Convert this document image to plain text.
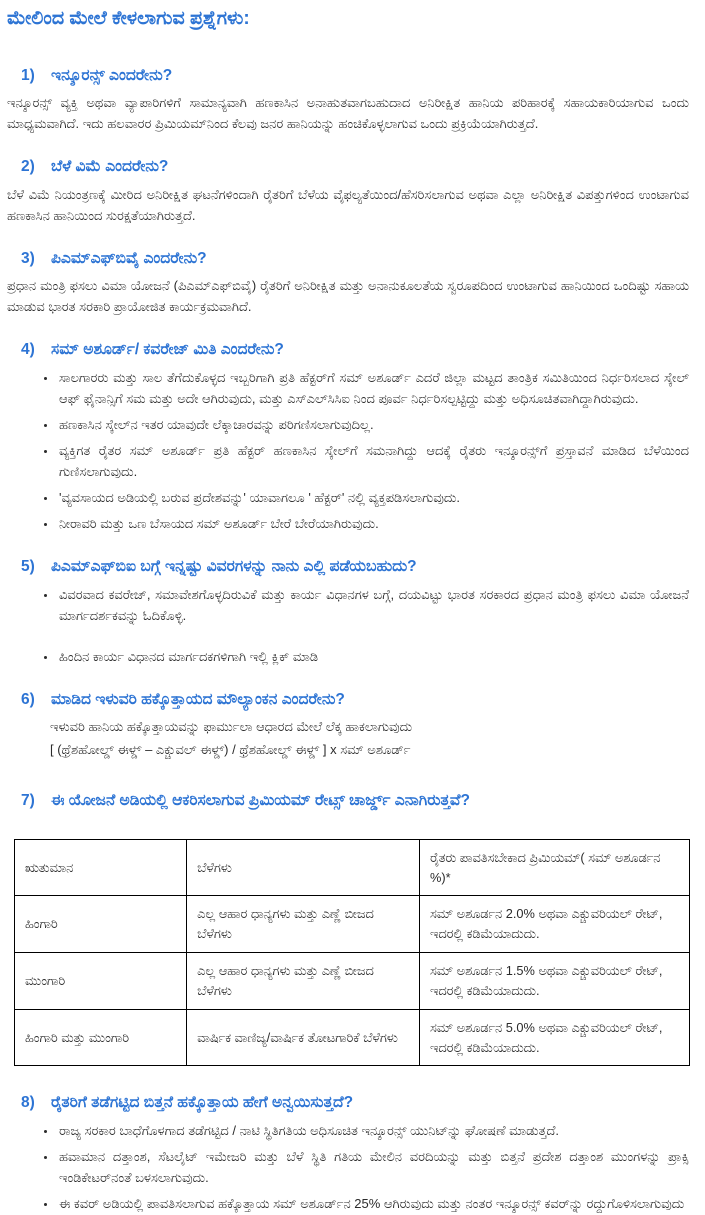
ಮೇಲಿಂದ ಮೇಲೆ ಕೇಳಲಾಗುವ ಪ್ರಶ್ನೆಗಳು:
1)	ಇನ್ಶೂರನ್ಸ್ ಎಂದರೇನು?

ಇನ್ಶೂರನ್ಸ್ ವ್ಯಕ್ತಿ ಅಥವಾ ವ್ಯಾಪಾರಿಗಳಿಗೆ ಸಾಮಾನ್ಯವಾಗಿ ಹಣಕಾಸಿನ ಅನಾಹುತವಾಗಬಹುದಾದ ಅನಿರೀಕ್ಷಿತ ಹಾನಿಯ ಪರಿಹಾರಕ್ಕೆ ಸಹಾಯಕಾರಿಯಾಗುವ ಒಂದು ಮಾಧ್ಯಮವಾಗಿದೆ. ಇದು ಹಲವಾರರ ಪ್ರಿಮಿಯಮ್‌ನಿಂದ ಕೆಲವು ಜನರ ಹಾನಿಯನ್ನು ಹಂಚಿಕೊಳ್ಳಲಾಗುವ ಒಂದು ಪ್ರಕ್ರಿಯೆಯಾಗಿರುತ್ತದೆ.

2)	ಬೆಳೆ ವಿಮೆ ಎಂದರೇನು?

ಬೆಳೆ ವಿಮೆ ನಿಯಂತ್ರಣಕ್ಕೆ ಮೀರಿದ ಅನಿರೀಕ್ಷಿತ ಘಟನೆಗಳಿಂದಾಗಿ ರೈತರಿಗೆ ಬೆಳೆಯ ವೈಫಲ್ಯತೆಯಿಂದ/ಹೆಸರಿಸಲಾಗುವ ಅಥವಾ ಎಲ್ಲಾ ಅನಿರೀಕ್ಷಿತ ವಿಪತ್ತುಗಳಿಂದ ಉಂಟಾಗುವ ಹಣಕಾಸಿನ ಹಾನಿಯಿಂದ ಸುರಕ್ಷತೆಯಾಗಿರುತ್ತದೆ.

3)	ಪಿಎಮ್‌ಎಫ್‌ಬಿವೈ ಎಂದರೇನು?

ಪ್ರಧಾನ ಮಂತ್ರಿ ಫಸಲು ವಿಮಾ ಯೋಜನೆ (ಪಿಎಮ್‌ಎಫ್‌ಬಿವೈ) ರೈತರಿಗೆ ಅನಿರೀಕ್ಷಿತ ಮತ್ತು ಅನಾನುಕೂಲತೆಯ ಸ್ವರೂಪದಿಂದ ಉಂಟಾಗುವ ಹಾನಿಯಿಂದ ಒಂದಿಷ್ಟು ಸಹಾಯ ಮಾಡುವ ಭಾರತ ಸರಕಾರಿ ಪ್ರಾಯೋಜಿತ ಕಾರ್ಯಕ್ರಮವಾಗಿದೆ.

4)	ಸಮ್ ಅಶೂರ್ಡ್/ ಕವರೇಜ್ ಮಿತಿ ಎಂದರೇನು?
• ಸಾಲಗಾರರು ಮತ್ತು ಸಾಲ ತೆಗೆದುಕೊಳ್ಳದ ಇಬ್ಬರಿಗಾಗಿ ಪ್ರತಿ ಹೆಕ್ಟರ್‌ಗೆ ಸಮ್ ಅಶೂರ್ಡ್ ಎದರೆ ಜಿಲ್ಲಾ ಮಟ್ಟದ ತಾಂತ್ರಿಕ ಸಮಿತಿಯಿಂದ ನಿರ್ಧರಿಸಲಾದ ಸ್ಕೇಲ್ ಆಫ್ ಫೈನಾನ್ಸಿಗೆ ಸಮ ಮತ್ತು ಅದೇ ಆಗಿರುವುದು, ಮತ್ತು ಎಸ್‌ಎಲ್‌ಸಿಸಿಐ ನಿಂದ ಪೂರ್ವ ನಿರ್ಧರಿಸಲ್ಪಟ್ಟಿದ್ದು ಮತ್ತು ಅಧಿಸೂಚಿತವಾಗಿದ್ದಾಗಿರುವುದು.
• ಹಣಕಾಸಿನ ಸ್ಕೇಲ್‌ನ ಇತರ ಯಾವುದೇ ಲೆಕ್ಕಾಚಾರವನ್ನು ಪರಿಗಣಿಸಲಾಗುವುದಿಲ್ಲ.
• ವ್ಯಕ್ತಿಗತ ರೈತರ ಸಮ್ ಅಶೂರ್ಡ್ ಪ್ರತಿ ಹೆಕ್ಟರ್ ಹಣಕಾಸಿನ ಸ್ಕೇಲ್‌ಗೆ ಸಮನಾಗಿದ್ದು ಆದಕ್ಕೆ ರೈತರು ಇನ್ಶೂರನ್ಸ್‌ಗೆ ಪ್ರಸ್ತಾವನೆ ಮಾಡಿದ ಬೆಳೆಯಿಂದ ಗುಣಿಸಲಾಗುವುದು.
• 'ವ್ಯವಸಾಯದ ಅಡಿಯಲ್ಲಿ ಬರುವ ಪ್ರದೇಶವನ್ನು' ಯಾವಾಗಲೂ ' ಹೆಕ್ಟರ್' ನಲ್ಲಿ ವ್ಯಕ್ತಪಡಿಸಲಾಗುವುದು.
• ನೀರಾವರಿ ಮತ್ತು ಒಣ ಬೆಸಾಯದ ಸಮ್ ಅಶೂರ್ಡ್ ಬೇರೆ ಬೇರೆಯಾಗಿರುವುದು.
5)	ಪಿಎಮ್‌ಎಫ್‌ಬಿಐ ಬಗ್ಗೆ ಇನ್ನಷ್ಟು ವಿವರಗಳನ್ನು ನಾನು ಎಲ್ಲಿ ಪಡೆಯಬಹುದು?
• ವಿವರವಾದ ಕವರೇಜ್, ಸಮಾವೇಶಗೊಳ್ಳದಿರುವಿಕೆ ಮತ್ತು ಕಾರ್ಯ ವಿಧಾನಗಳ ಬಗ್ಗೆ, ದಯವಿಟ್ಟು ಭಾರತ ಸರಕಾರದ ಪ್ರಧಾನ ಮಂತ್ರಿ ಫಸಲು ವಿಮಾ ಯೋಜನೆ ಮಾರ್ಗದರ್ಶಕವನ್ನು ಓದಿಕೊಳ್ಳಿ.
• ಹಿಂದಿನ ಕಾರ್ಯ ವಿಧಾನದ ಮಾರ್ಗದಕಗಳಿಗಾಗಿ ಇಲ್ಲಿ ಕ್ಲಿಕ್ ಮಾಡಿ
6)	ಮಾಡಿದ ಇಳುವರಿ ಹಕ್ಕೊತ್ತಾಯದ ಮೌಲ್ಯಾಂಕನ ಎಂದರೇನು?

ಇಳುವರಿ ಹಾನಿಯ ಹಕ್ಕೊತ್ತಾಯವನ್ನು ಫಾರ್ಮುಲಾ ಆಧಾರದ ಮೇಲೆ ಲೆಕ್ಕ ಹಾಕಲಾಗುವುದು

[ (ಥ್ರೆಶಹೋಲ್ಡ್ ಈಳ್ಡ್ – ಎಕ್ಚುವಲ್ ಈಳ್ಡ್) / ಥ್ರೆಶಹೋಲ್ಡ್ ಈಳ್ಡ್ ] x ಸಮ್ ಅಶೂರ್ಡ್

7)	ಈ ಯೋಜನೆ ಅಡಿಯಲ್ಲಿ ಆಕರಿಸಲಾಗುವ ಪ್ರಿಮಿಯಮ್ ರೇಟ್ಸ್ ಚಾರ್ಜ್ಡ್ ಎನಾಗಿರುತ್ತವೆ?
ಋತುಮಾನ	ಬೆಳೆಗಳು	ರೈತರು ಪಾವತಿಸಬೇಕಾದ ಪ್ರಿಮಿಯಮ್( ಸಮ್ ಅಶೂರ್ಡನ %)*
ಹಿಂಗಾರಿ	ಎಲ್ಲ ಆಹಾರ ಧಾನ್ಯಗಳು ಮತ್ತು ಎಣ್ಣೆ ಬೀಜದ ಬೆಳೆಗಳು	ಸಮ್ ಅಶೂರ್ಡನ 2.0% ಅಥವಾ ಎಕ್ಚುವರಿಯಲ್ ರೇಟ್, ಇದರಲ್ಲಿ ಕಡಿಮೆಯಾದುದು.
ಮುಂಗಾರಿ	ಎಲ್ಲ ಆಹಾರ ಧಾನ್ಯಗಳು ಮತ್ತು ಎಣ್ಣೆ ಬೀಜದ ಬೆಳೆಗಳು	ಸಮ್ ಅಶೂರ್ಡನ 1.5% ಅಥವಾ ಎಕ್ಚುವರಿಯಲ್ ರೇಟ್, ಇದರಲ್ಲಿ ಕಡಿಮೆಯಾದುದು.
ಹಿಂಗಾರಿ ಮತ್ತು ಮುಂಗಾರಿ	ವಾರ್ಷಿಕ ವಾಣಿಜ್ಯ/ವಾರ್ಷಿಕ ತೋಟಗಾರಿಕೆ ಬೆಳೆಗಳು	ಸಮ್ ಅಶೂರ್ಡನ 5.0% ಅಥವಾ ಎಕ್ಚುವರಿಯಲ್ ರೇಟ್, ಇದರಲ್ಲಿ ಕಡಿಮೆಯಾದುದು.
8)	ರೈತರಿಗೆ ತಡೆಗಟ್ಟಿದ ಬಿತ್ತನೆ ಹಕ್ಕೊತ್ತಾಯ ಹೇಗೆ ಅನ್ವಯಿಸುತ್ತದೆ?
• ರಾಜ್ಯ ಸರಕಾರ ಬಾಧೆಗೊಳಗಾದ ತಡೆಗಟ್ಟಿದ / ನಾಟಿ ಸ್ಥಿತಿಗತಿಯ ಅಧಿಸೂಚಿತ ಇನ್ಶೂರನ್ಸ್ ಯುನಿಟ್‌ನ್ನು ಘೋಷಣೆ ಮಾಡುತ್ತದೆ.
• ಹವಾಮಾನ ದತ್ತಾಂಶ, ಸೆಟಲೈಟ್ ಇಮೇಜರಿ ಮತ್ತು ಬೆಳೆ ಸ್ಥಿತಿ ಗತಿಯ ಮೇಲಿನ ವರದಿಯನ್ನು ಮತ್ತು ಬಿತ್ತನೆ ಪ್ರದೇಶ ದತ್ತಾಂಶ ಮುಂಗಳನ್ನು ಪ್ರಾಕ್ಸಿ ಇಂಡಿಕೇಟರ್‌ನಂತೆ ಬಳಸಲಾಗುವುದು.
• ಈ ಕವರ್ ಅಡಿಯಲ್ಲಿ ಪಾವತಿಸಲಾಗುವ ಹಕ್ಕೊತ್ತಾಯ ಸಮ್ ಅಶೂರ್ಡ್‌ನ 25% ಆಗಿರುವುದು ಮತ್ತು ನಂತರ ಇನ್ಶೂರನ್ಸ್ ಕವರ್‌ನ್ನು ರದ್ದುಗೊಳಿಸಲಾಗುವುದು
